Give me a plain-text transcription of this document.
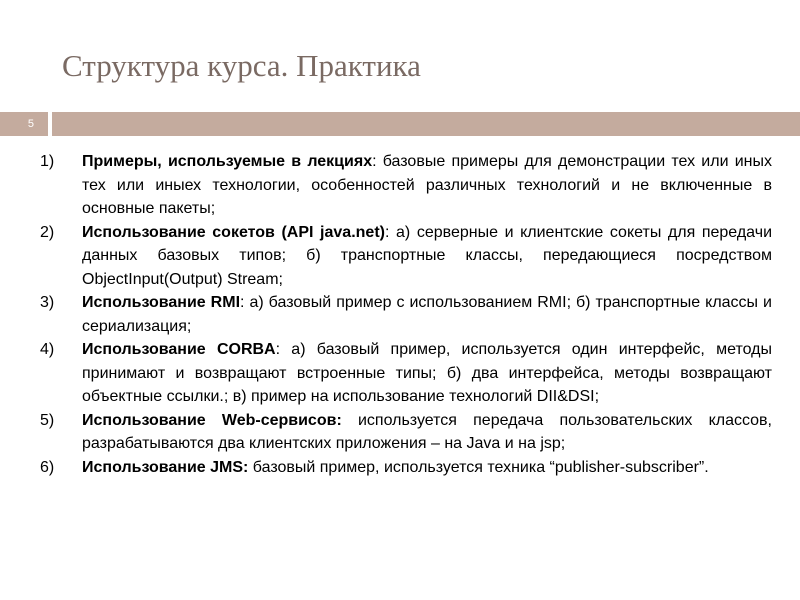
Структура курса. Практика
5
1) Примеры, используемые в лекциях: базовые примеры для демонстрации тех или иных тех или иныех технологии, особенностей различных технологий и не включенные в основные пакеты;
2) Использование сокетов (API java.net): а) серверные и клиентские сокеты для передачи данных базовых типов; б) транспортные классы, передающиеся посредством ObjectInput(Output) Stream;
3) Использование RMI: а) базовый пример с использованием RMI; б) транспортные классы и сериализация;
4) Использование CORBA: а) базовый пример, используется один интерфейс, методы принимают и возвращают встроенные типы; б) два интерфейса, методы возвращают объектные ссылки.; в) пример на использование технологий DII&DSI;
5) Использование Web-сервисов: используется передача пользовательских классов, разрабатываются два клиентских приложения – на Java и на jsp;
6) Использование JMS: базовый пример, используется техника “publisher-subscriber”.
